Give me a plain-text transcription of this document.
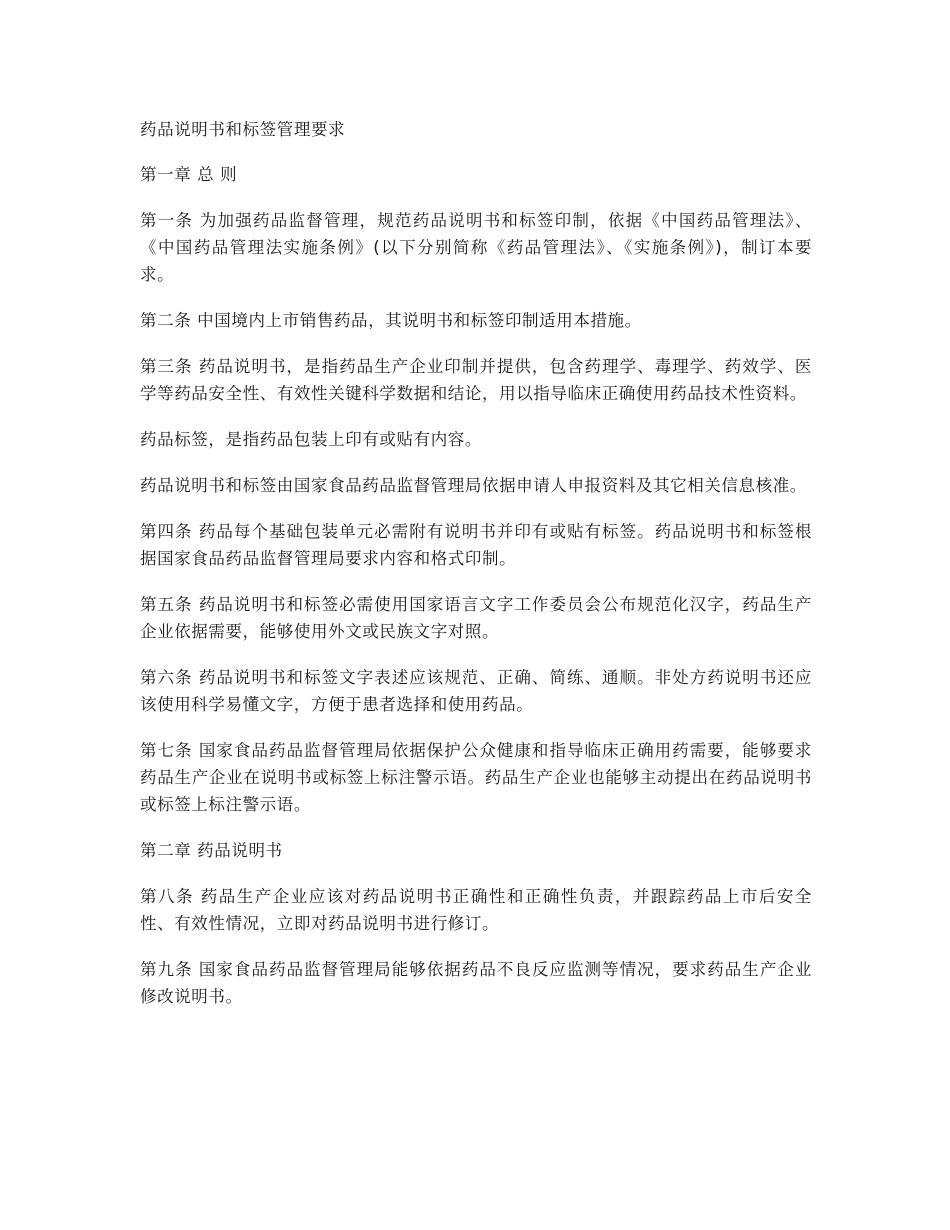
药品说明书和标签管理要求

第一章 总 则

第一条 为加强药品监督管理，规范药品说明书和标签印制，依据《中国药品管理法》、《中国药品管理法实施条例》(以下分别简称《药品管理法》、《实施条例》)，制订本要求。

第二条 中国境内上市销售药品，其说明书和标签印制适用本措施。

第三条 药品说明书，是指药品生产企业印制并提供，包含药理学、毒理学、药效学、医学等药品安全性、有效性关键科学数据和结论，用以指导临床正确使用药品技术性资料。

药品标签，是指药品包装上印有或贴有内容。

药品说明书和标签由国家食品药品监督管理局依据申请人申报资料及其它相关信息核准。

第四条 药品每个基础包装单元必需附有说明书并印有或贴有标签。药品说明书和标签根据国家食品药品监督管理局要求内容和格式印制。

第五条 药品说明书和标签必需使用国家语言文字工作委员会公布规范化汉字，药品生产企业依据需要，能够使用外文或民族文字对照。

第六条 药品说明书和标签文字表述应该规范、正确、简练、通顺。非处方药说明书还应该使用科学易懂文字，方便于患者选择和使用药品。

第七条 国家食品药品监督管理局依据保护公众健康和指导临床正确用药需要，能够要求药品生产企业在说明书或标签上标注警示语。药品生产企业也能够主动提出在药品说明书或标签上标注警示语。

第二章 药品说明书

第八条 药品生产企业应该对药品说明书正确性和正确性负责，并跟踪药品上市后安全性、有效性情况，立即对药品说明书进行修订。

第九条 国家食品药品监督管理局能够依据药品不良反应监测等情况，要求药品生产企业修改说明书。
